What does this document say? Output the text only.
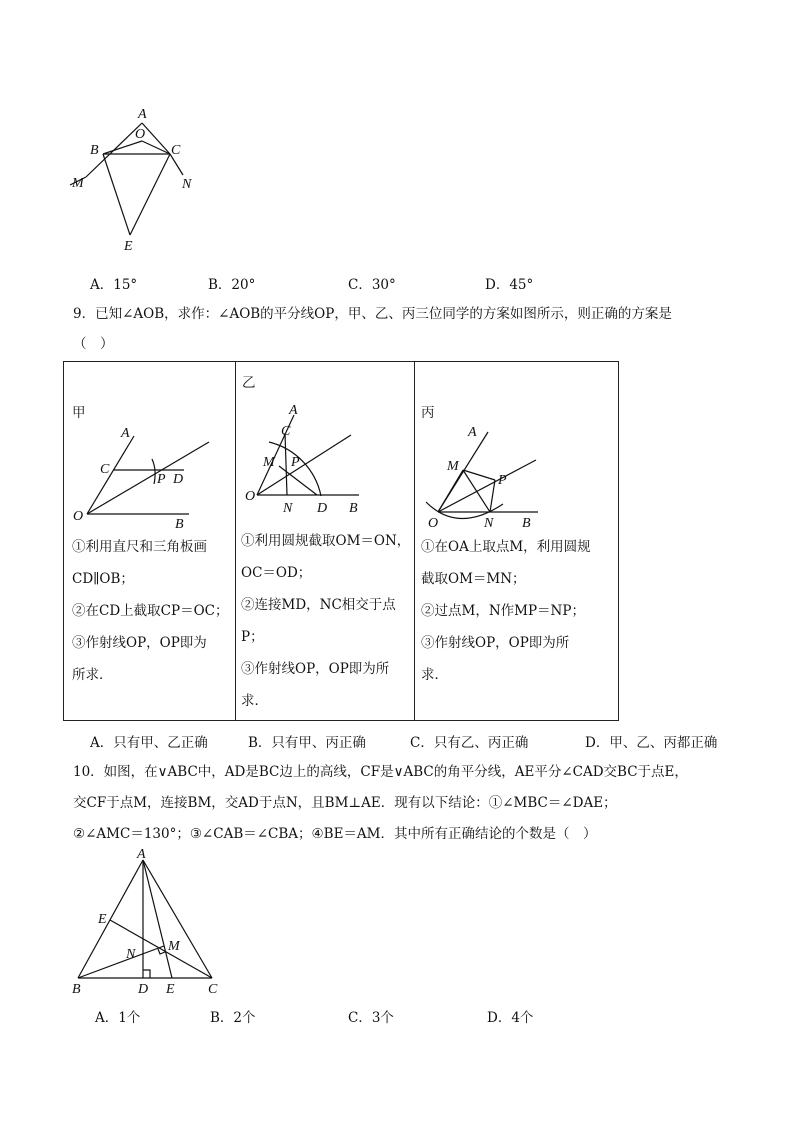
A
O
B	C
M	N
E
A．15°	B．20°	C．30°	D．45°
9．已知∠AOB，求作：∠AOB的平分线OP，甲、乙、丙三位同学的方案如图所示，则正确的方案是
（　）
甲
A
C
P D
O
B
①利用直尺和三角板画
CD∥OB；
②在CD上截取CP＝OC；
③作射线OP，OP即为
所求．

乙
A
C
M P
O
N D B
①利用圆规截取OM＝ON，
OC＝OD；
②连接MD，NC相交于点
P；
③作射线OP，OP即为所
求．

丙
A
M
P
O	N B
①在OA上取点M，利用圆规
截取OM＝MN；
②过点M，N作MP＝NP；
③作射线OP，OP即为所
求．
A．只有甲、乙正确	B．只有甲、丙正确	C．只有乙、丙正确	D．甲、乙、丙都正确
10．如图，在∨ABC中，AD是BC边上的高线，CF是∨ABC的角平分线，AE平分∠CAD交BC于点E，
交CF于点M，连接BM，交AD于点N，且BM⊥AE．现有以下结论：①∠MBC＝∠DAE；
②∠AMC＝130°；③∠CAB＝∠CBA；④BE＝AM．其中所有正确结论的个数是（　）
A
E
N
M
B	D E C
A．1个	B．2个	C．3个	D．4个
